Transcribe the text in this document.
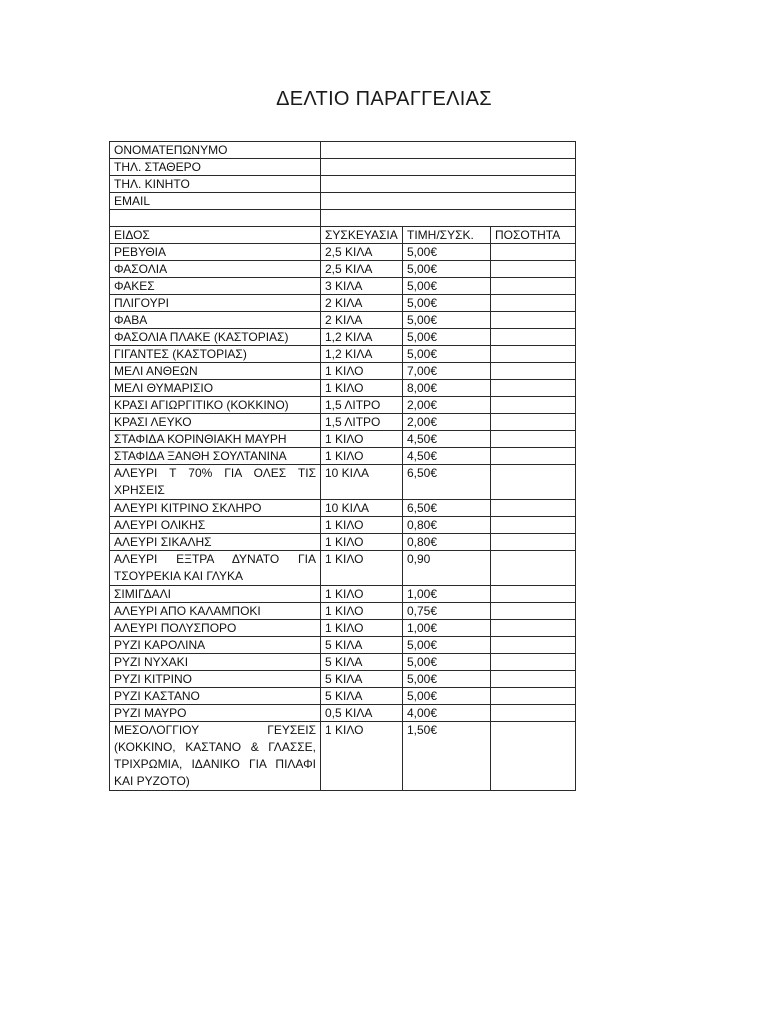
ΔΕΛΤΙΟ ΠΑΡΑΓΓΕΛΙΑΣ
ΟΝΟΜΑΤΕΠΩΝΥΜΟ			
ΤΗΛ. ΣΤΑΘΕΡΟ			
ΤΗΛ. ΚΙΝΗΤΟ			
EMAIL			

ΕΙΔΟΣ	ΣΥΣΚΕΥΑΣΙΑ	ΤΙΜΗ/ΣΥΣΚ.	ΠΟΣΟΤΗΤΑ
ΡΕΒΥΘΙΑ	2,5 ΚΙΛΑ	5,00€	
ΦΑΣΟΛΙΑ	2,5 ΚΙΛΑ	5,00€	
ΦΑΚΕΣ	3 ΚΙΛΑ	5,00€	
ΠΛΙΓΟΥΡΙ	2 ΚΙΛΑ	5,00€	
ΦΑΒΑ	2 ΚΙΛΑ	5,00€	
ΦΑΣΟΛΙΑ ΠΛΑΚΕ (ΚΑΣΤΟΡΙΑΣ)	1,2 ΚΙΛΑ	5,00€	
ΓΙΓΑΝΤΕΣ (ΚΑΣΤΟΡΙΑΣ)	1,2 ΚΙΛΑ	5,00€	
ΜΕΛΙ ΑΝΘΕΩΝ	1 ΚΙΛΟ	7,00€	
ΜΕΛΙ ΘΥΜΑΡΙΣΙΟ	1 ΚΙΛΟ	8,00€	
ΚΡΑΣΙ ΑΓΙΩΡΓΙΤΙΚΟ (ΚΟΚΚΙΝΟ)	1,5 ΛΙΤΡΟ	2,00€	
ΚΡΑΣΙ ΛΕΥΚΟ	1,5 ΛΙΤΡΟ	2,00€	
ΣΤΑΦΙΔΑ ΚΟΡΙΝΘΙΑΚΗ ΜΑΥΡΗ	1 ΚΙΛΟ	4,50€	
ΣΤΑΦΙΔΑ ΞΑΝΘΗ ΣΟΥΛΤΑΝΙΝΑ	1 ΚΙΛΟ	4,50€	
ΑΛΕΥΡΙ Τ 70% ΓΙΑ ΟΛΕΣ ΤΙΣ ΧΡΗΣΕΙΣ	10 ΚΙΛΑ	6,50€	
ΑΛΕΥΡΙ ΚΙΤΡΙΝΟ ΣΚΛΗΡΟ	10 ΚΙΛΑ	6,50€	
ΑΛΕΥΡΙ ΟΛΙΚΗΣ	1 ΚΙΛΟ	0,80€	
ΑΛΕΥΡΙ ΣΙΚΑΛΗΣ	1 ΚΙΛΟ	0,80€	
ΑΛΕΥΡΙ ΕΞΤΡΑ ΔΥΝΑΤΟ ΓΙΑ ΤΣΟΥΡΕΚΙΑ ΚΑΙ ΓΛΥΚΑ	1 ΚΙΛΟ	0,90	
ΣΙΜΙΓΔΑΛΙ	1 ΚΙΛΟ	1,00€	
ΑΛΕΥΡΙ ΑΠΟ ΚΑΛΑΜΠΟΚΙ	1 ΚΙΛΟ	0,75€	
ΑΛΕΥΡΙ ΠΟΛΥΣΠΟΡΟ	1 ΚΙΛΟ	1,00€	
ΡΥΖΙ ΚΑΡΟΛΙΝΑ	5 ΚΙΛΑ	5,00€	
ΡΥΖΙ ΝΥΧΑΚΙ	5 ΚΙΛΑ	5,00€	
ΡΥΖΙ ΚΙΤΡΙΝΟ	5 ΚΙΛΑ	5,00€	
ΡΥΖΙ ΚΑΣΤΑΝΟ	5 ΚΙΛΑ	5,00€	
ΡΥΖΙ ΜΑΥΡΟ	0,5 ΚΙΛΑ	4,00€	
ΜΕΣΟΛΟΓΓΙΟΥ ΓΕΥΣΕΙΣ (ΚΟΚΚΙΝΟ, ΚΑΣΤΑΝΟ & ΓΛΑΣΣΕ, ΤΡΙΧΡΩΜΙΑ, ΙΔΑΝΙΚΟ ΓΙΑ ΠΙΛΑΦΙ ΚΑΙ ΡΥΖΟΤΟ)	1 ΚΙΛΟ	1,50€	
